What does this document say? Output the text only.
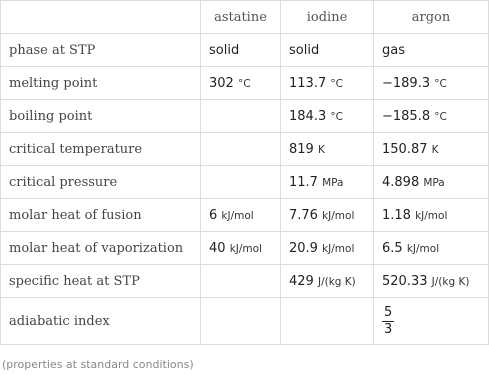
	astatine	iodine	argon
phase at STP	solid	solid	gas
melting point	302 °C	113.7 °C	−189.3 °C
boiling point		184.3 °C	−185.8 °C
critical temperature		819 K	150.87 K
critical pressure		11.7 MPa	4.898 MPa
molar heat of fusion	6 kJ/mol	7.76 kJ/mol	1.18 kJ/mol
molar heat of vaporization	40 kJ/mol	20.9 kJ/mol	6.5 kJ/mol
specific heat at STP		429 J/(kg K)	520.33 J/(kg K)
adiabatic index			$\frac{5}{3}$
(properties at standard conditions)
